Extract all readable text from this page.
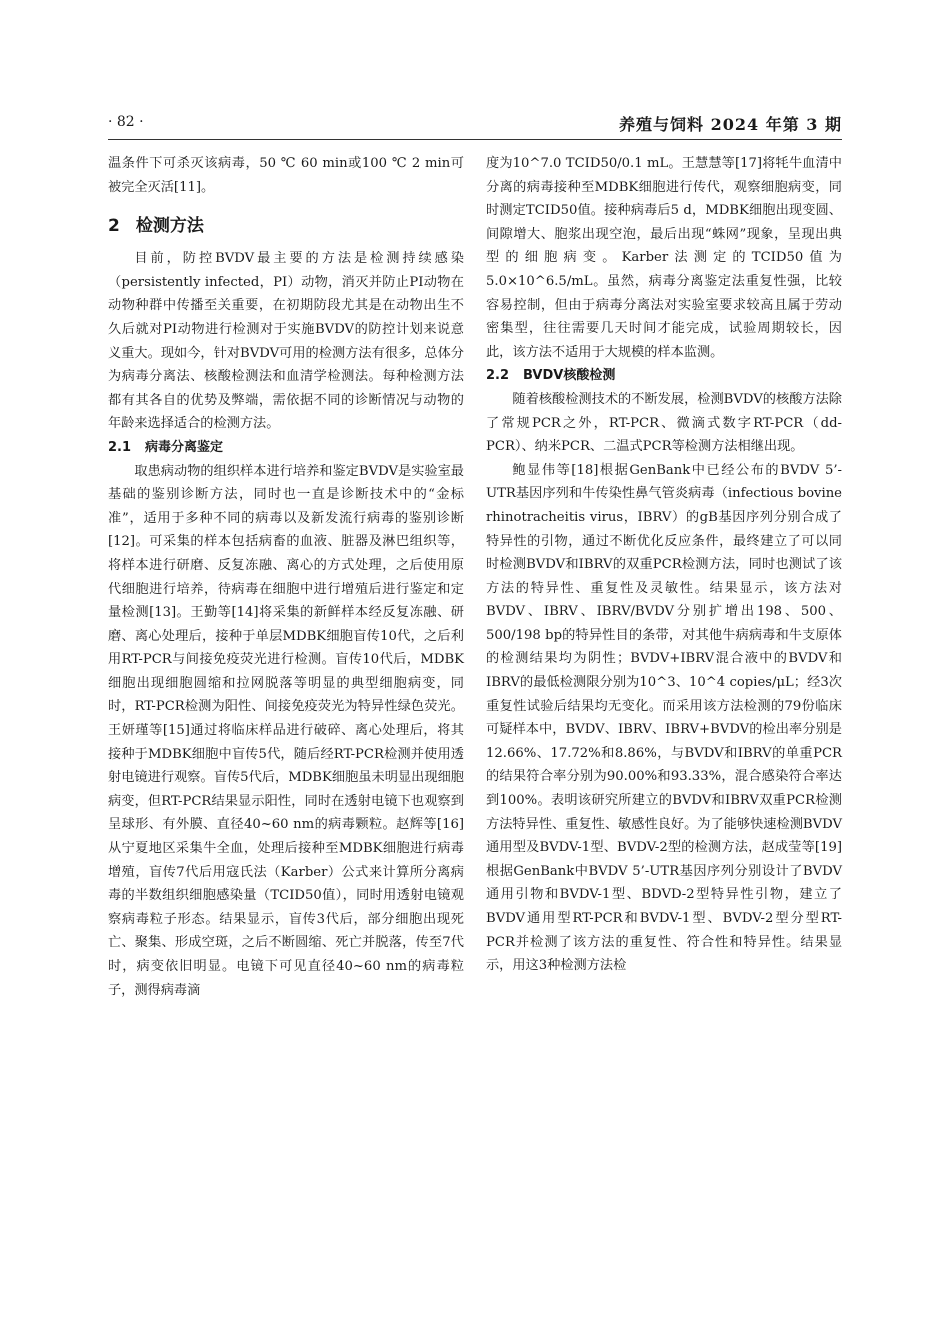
· 82 ·	养殖与饲料 2024 年第 3 期

温条件下可杀灭该病毒，50 ℃ 60 min或100 ℃ 2 min可被完全灭活[11]。

2 检测方法

目前，防控BVDV最主要的方法是检测持续感染（persistently infected，PI）动物，消灭并防止PI动物在动物种群中传播至关重要，在初期防段尤其是在动物出生不久后就对PI动物进行检测对于实施BVDV的防控计划来说意义重大。现如今，针对BVDV可用的检测方法有很多，总体分为病毒分离法、核酸检测法和血清学检测法。每种检测方法都有其各自的优势及弊端，需依据不同的诊断情况与动物的年龄来选择适合的检测方法。

2.1 病毒分离鉴定

取患病动物的组织样本进行培养和鉴定BVDV是实验室最基础的鉴别诊断方法，同时也一直是诊断技术中的“金标准”，适用于多种不同的病毒以及新发流行病毒的鉴别诊断[12]。可采集的样本包括病畜的血液、脏器及淋巴组织等，将样本进行研磨、反复冻融、离心的方式处理，之后使用原代细胞进行培养，待病毒在细胞中进行增殖后进行鉴定和定量检测[13]。王勤等[14]将采集的新鲜样本经反复冻融、研磨、离心处理后，接种于单层MDBK细胞盲传10代，之后利用RT-PCR与间接免疫荧光进行检测。盲传10代后，MDBK细胞出现细胞圆缩和拉网脱落等明显的典型细胞病变，同时，RT-PCR检测为阳性、间接免疫荧光为特异性绿色荧光。王妍瑾等[15]通过将临床样品进行破碎、离心处理后，将其接种于MDBK细胞中盲传5代，随后经RT-PCR检测并使用透射电镜进行观察。盲传5代后，MDBK细胞虽未明显出现细胞病变，但RT-PCR结果显示阳性，同时在透射电镜下也观察到呈球形、有外膜、直径40~60 nm的病毒颗粒。赵辉等[16]从宁夏地区采集牛全血，处理后接种至MDBK细胞进行病毒增殖，盲传7代后用寇氏法（Karber）公式来计算所分离病毒的半数组织细胞感染量（TCID50值），同时用透射电镜观察病毒粒子形态。结果显示，盲传3代后，部分细胞出现死亡、聚集、形成空斑，之后不断圆缩、死亡并脱落，传至7代时，病变依旧明显。电镜下可见直径40~60 nm的病毒粒子，测得病毒滴

度为10^7.0 TCID50/0.1 mL。王慧慧等[17]将牦牛血清中分离的病毒接种至MDBK细胞进行传代，观察细胞病变，同时测定TCID50值。接种病毒后5 d，MDBK细胞出现变圆、间隙增大、胞浆出现空泡，最后出现“蛛网”现象，呈现出典型的细胞病变。Karber法测定的TCID50值为5.0×10^6.5/mL。虽然，病毒分离鉴定法重复性强，比较容易控制，但由于病毒分离法对实验室要求较高且属于劳动密集型，往往需要几天时间才能完成，试验周期较长，因此，该方法不适用于大规模的样本监测。

2.2 BVDV核酸检测

随着核酸检测技术的不断发展，检测BVDV的核酸方法除了常规PCR之外，RT-PCR、微滴式数字RT-PCR（dd-PCR）、纳米PCR、二温式PCR等检测方法相继出现。

鲍显伟等[18]根据GenBank中已经公布的BVDV 5’-UTR基因序列和牛传染性鼻气管炎病毒（infectious bovine rhinotracheitis virus，IBRV）的gB基因序列分别合成了特异性的引物，通过不断优化反应条件，最终建立了可以同时检测BVDV和IBRV的双重PCR检测方法，同时也测试了该方法的特异性、重复性及灵敏性。结果显示，该方法对BVDV、IBRV、IBRV/BVDV分别扩增出198、500、500/198 bp的特异性目的条带，对其他牛病病毒和牛支原体的检测结果均为阴性；BVDV+IBRV混合液中的BVDV和IBRV的最低检测限分别为10^3、10^4 copies/μL；经3次重复性试验后结果均无变化。而采用该方法检测的79份临床可疑样本中，BVDV、IBRV、IBRV+BVDV的检出率分别是12.66%、17.72%和8.86%，与BVDV和IBRV的单重PCR的结果符合率分别为90.00%和93.33%，混合感染符合率达到100%。表明该研究所建立的BVDV和IBRV双重PCR检测方法特异性、重复性、敏感性良好。为了能够快速检测BVDV通用型及BVDV-1型、BVDV-2型的检测方法，赵成莹等[19]根据GenBank中BVDV 5’-UTR基因序列分别设计了BVDV通用引物和BVDV-1型、BDVD-2型特异性引物，建立了BVDV通用型RT-PCR和BVDV-1型、BVDV-2型分型RT-PCR并检测了该方法的重复性、符合性和特异性。结果显示，用这3种检测方法检
